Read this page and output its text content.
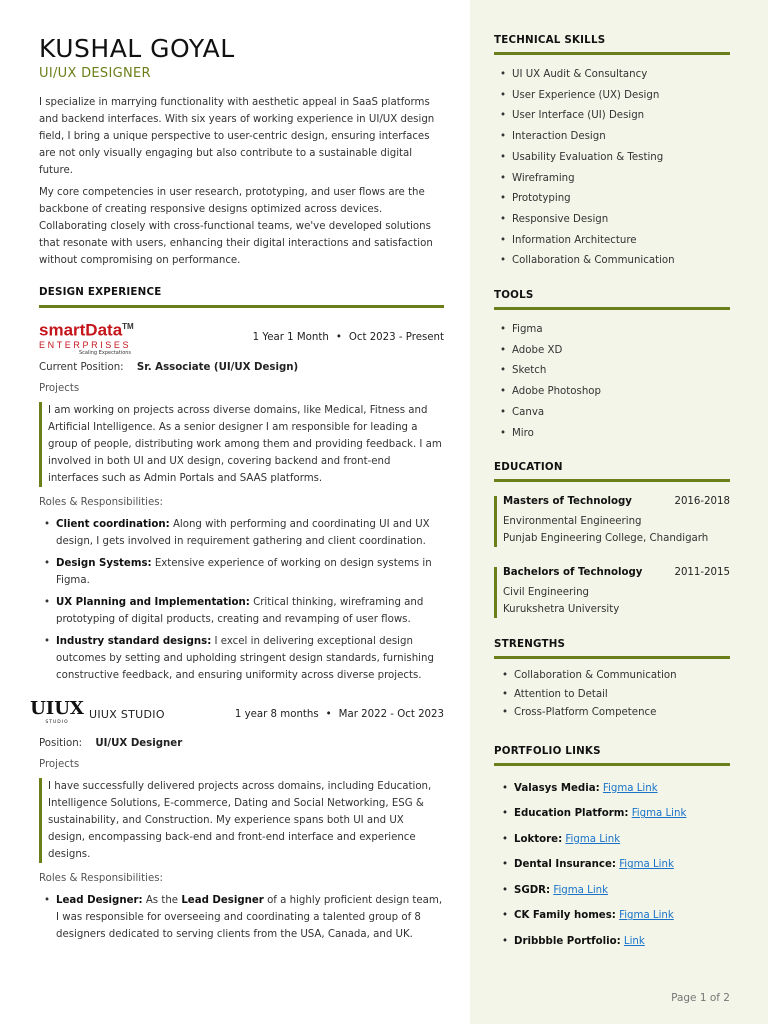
KUSHAL GOYAL
UI/UX DESIGNER

I specialize in marrying functionality with aesthetic appeal in SaaS platforms and backend interfaces. With six years of working experience in UI/UX design field, I bring a unique perspective to user-centric design, ensuring interfaces are not only visually engaging but also contribute to a sustainable digital future.

My core competencies in user research, prototyping, and user flows are the backbone of creating responsive designs optimized across devices. Collaborating closely with cross-functional teams, we've developed solutions that resonate with users, enhancing their digital interactions and satisfaction without compromising on performance.

DESIGN EXPERIENCE
smartData™
ENTERPRISES
Scaling Expectations
1 Year 1 Month • Oct 2023 - Present
Current Position: Sr. Associate (UI/UX Design)
Projects
I am working on projects across diverse domains, like Medical, Fitness and Artificial Intelligence. As a senior designer I am responsible for leading a group of people, distributing work among them and providing feedback. I am involved in both UI and UX design, covering backend and front-end interfaces such as Admin Portals and SAAS platforms.
Roles & Responsibilities:
• Client coordination: Along with performing and coordinating UI and UX design, I gets involved in requirement gathering and client coordination.
• Design Systems: Extensive experience of working on design systems in Figma.
• UX Planning and Implementation: Critical thinking, wireframing and prototyping of digital products, creating and revamping of user flows.
• Industry standard designs: I excel in delivering exceptional design outcomes by setting and upholding stringent design standards, furnishing constructive feedback, and ensuring uniformity across diverse projects.
UIUX
STUDIO
UIUX STUDIO	1 year 8 months • Mar 2022 - Oct 2023
Position: UI/UX Designer
Projects
I have successfully delivered projects across domains, including Education, Intelligence Solutions, E-commerce, Dating and Social Networking, ESG & sustainability, and Construction. My experience spans both UI and UX design, encompassing back-end and front-end interface and experience designs.
Roles & Responsibilities:
• Lead Designer: As the Lead Designer of a highly proficient design team, I was responsible for overseeing and coordinating a talented group of 8 designers dedicated to serving clients from the USA, Canada, and UK.
TECHNICAL SKILLS
• UI UX Audit & Consultancy
• User Experience (UX) Design
• User Interface (UI) Design
• Interaction Design
• Usability Evaluation & Testing
• Wireframing
• Prototyping
• Responsive Design
• Information Architecture
• Collaboration & Communication
TOOLS
• Figma
• Adobe XD
• Sketch
• Adobe Photoshop
• Canva
• Miro
EDUCATION
Masters of Technology	2016-2018
Environmental Engineering
Punjab Engineering College, Chandigarh
Bachelors of Technology	2011-2015
Civil Engineering
Kurukshetra University
STRENGTHS
• Collaboration & Communication
• Attention to Detail
• Cross-Platform Competence
PORTFOLIO LINKS
• Valasys Media: Figma Link
• Education Platform: Figma Link
• Loktore: Figma Link
• Dental Insurance: Figma Link
• SGDR: Figma Link
• CK Family homes: Figma Link
• Dribbble Portfolio: Link
Page 1 of 2
